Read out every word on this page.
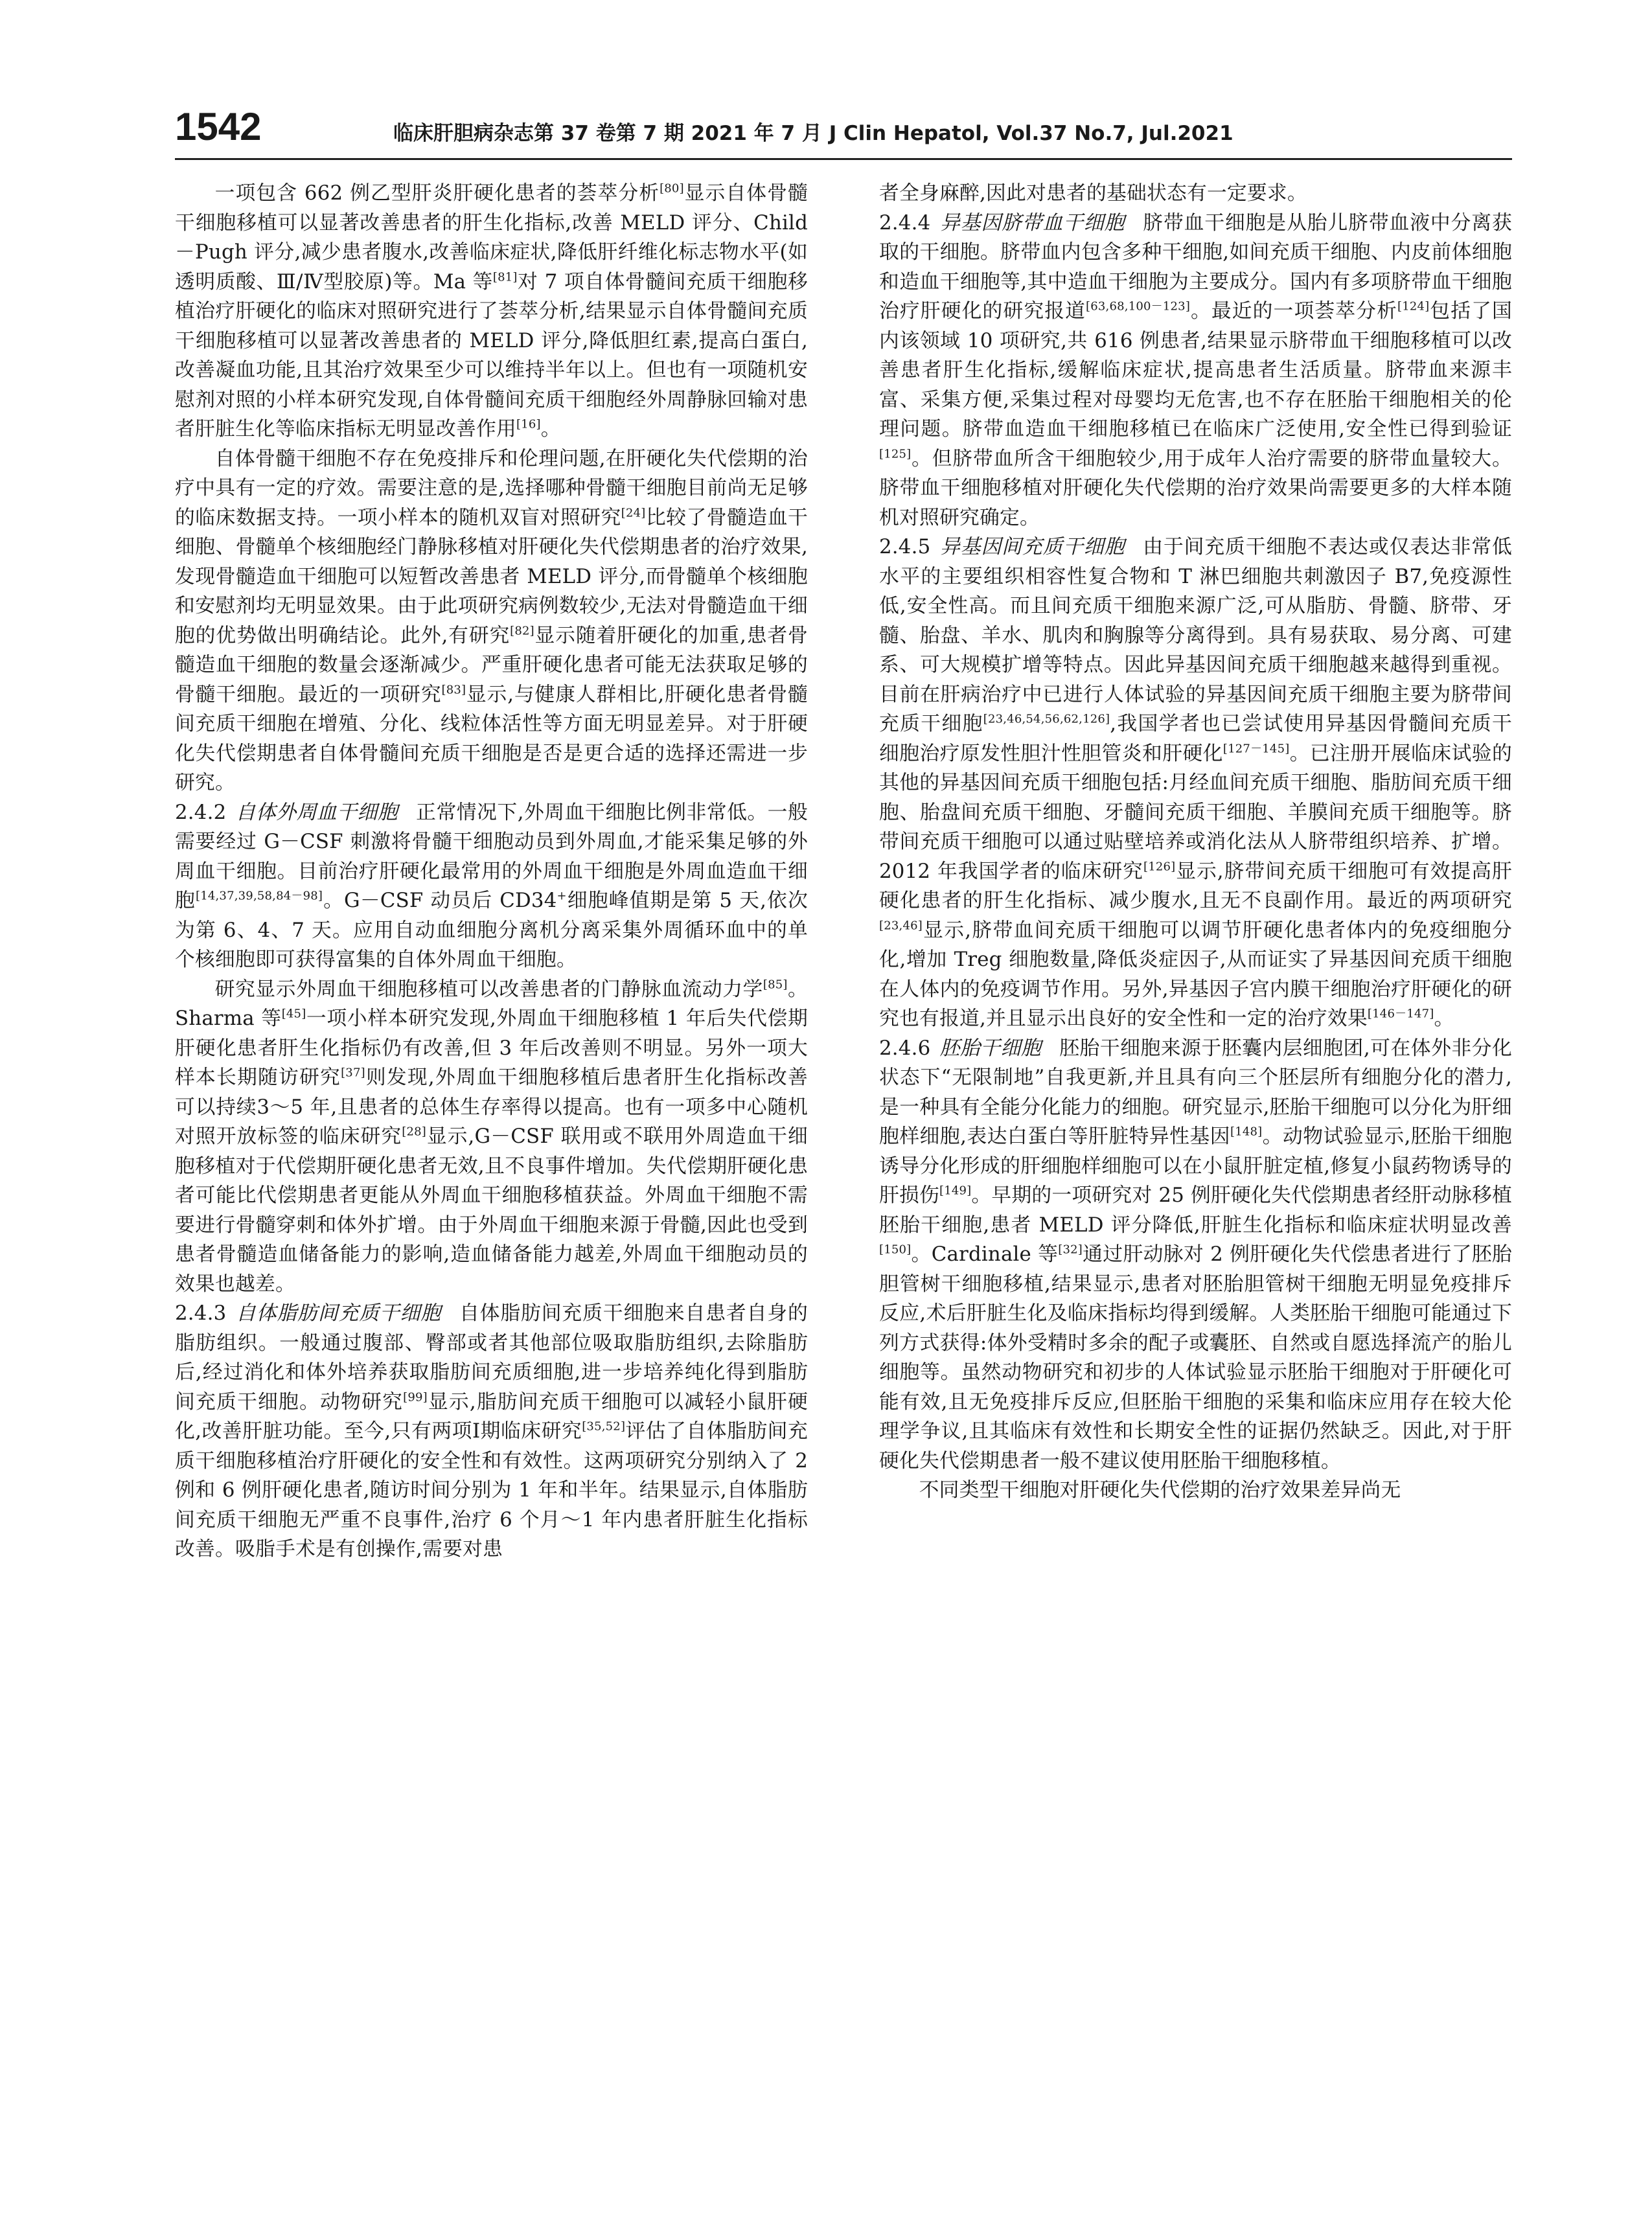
1542	临床肝胆病杂志第 37 卷第 7 期 2021 年 7 月 J Clin Hepatol, Vol.37 No.7, Jul.2021

一项包含 662 例乙型肝炎肝硬化患者的荟萃分析[80]显示自体骨髓干细胞移植可以显著改善患者的肝生化指标,改善 MELD 评分、Child－Pugh 评分,减少患者腹水,改善临床症状,降低肝纤维化标志物水平(如透明质酸、Ⅲ/Ⅳ型胶原)等。Ma 等[81]对 7 项自体骨髓间充质干细胞移植治疗肝硬化的临床对照研究进行了荟萃分析,结果显示自体骨髓间充质干细胞移植可以显著改善患者的 MELD 评分,降低胆红素,提高白蛋白,改善凝血功能,且其治疗效果至少可以维持半年以上。但也有一项随机安慰剂对照的小样本研究发现,自体骨髓间充质干细胞经外周静脉回输对患者肝脏生化等临床指标无明显改善作用[16]。

自体骨髓干细胞不存在免疫排斥和伦理问题,在肝硬化失代偿期的治疗中具有一定的疗效。需要注意的是,选择哪种骨髓干细胞目前尚无足够的临床数据支持。一项小样本的随机双盲对照研究[24]比较了骨髓造血干细胞、骨髓单个核细胞经门静脉移植对肝硬化失代偿期患者的治疗效果,发现骨髓造血干细胞可以短暂改善患者 MELD 评分,而骨髓单个核细胞和安慰剂均无明显效果。由于此项研究病例数较少,无法对骨髓造血干细胞的优势做出明确结论。此外,有研究[82]显示随着肝硬化的加重,患者骨髓造血干细胞的数量会逐渐减少。严重肝硬化患者可能无法获取足够的骨髓干细胞。最近的一项研究[83]显示,与健康人群相比,肝硬化患者骨髓间充质干细胞在增殖、分化、线粒体活性等方面无明显差异。对于肝硬化失代偿期患者自体骨髓间充质干细胞是否是更合适的选择还需进一步研究。

2.4.2 自体外周血干细胞 正常情况下,外周血干细胞比例非常低。一般需要经过 G－CSF 刺激将骨髓干细胞动员到外周血,才能采集足够的外周血干细胞。目前治疗肝硬化最常用的外周血干细胞是外周血造血干细胞[14,37,39,58,84－98]。G－CSF 动员后 CD34+细胞峰值期是第 5 天,依次为第 6、4、7 天。应用自动血细胞分离机分离采集外周循环血中的单个核细胞即可获得富集的自体外周血干细胞。

研究显示外周血干细胞移植可以改善患者的门静脉血流动力学[85]。Sharma 等[45]一项小样本研究发现,外周血干细胞移植 1 年后失代偿期肝硬化患者肝生化指标仍有改善,但 3 年后改善则不明显。另外一项大样本长期随访研究[37]则发现,外周血干细胞移植后患者肝生化指标改善可以持续3～5 年,且患者的总体生存率得以提高。也有一项多中心随机对照开放标签的临床研究[28]显示,G－CSF 联用或不联用外周造血干细胞移植对于代偿期肝硬化患者无效,且不良事件增加。失代偿期肝硬化患者可能比代偿期患者更能从外周血干细胞移植获益。外周血干细胞不需要进行骨髓穿刺和体外扩增。由于外周血干细胞来源于骨髓,因此也受到患者骨髓造血储备能力的影响,造血储备能力越差,外周血干细胞动员的效果也越差。

2.4.3 自体脂肪间充质干细胞 自体脂肪间充质干细胞来自患者自身的脂肪组织。一般通过腹部、臀部或者其他部位吸取脂肪组织,去除脂肪后,经过消化和体外培养获取脂肪间充质细胞,进一步培养纯化得到脂肪间充质干细胞。动物研究[99]显示,脂肪间充质干细胞可以减轻小鼠肝硬化,改善肝脏功能。至今,只有两项Ⅰ期临床研究[35,52]评估了自体脂肪间充质干细胞移植治疗肝硬化的安全性和有效性。这两项研究分别纳入了 2 例和 6 例肝硬化患者,随访时间分别为 1 年和半年。结果显示,自体脂肪间充质干细胞无严重不良事件,治疗 6 个月～1 年内患者肝脏生化指标改善。吸脂手术是有创操作,需要对患

者全身麻醉,因此对患者的基础状态有一定要求。

2.4.4 异基因脐带血干细胞 脐带血干细胞是从胎儿脐带血液中分离获取的干细胞。脐带血内包含多种干细胞,如间充质干细胞、内皮前体细胞和造血干细胞等,其中造血干细胞为主要成分。国内有多项脐带血干细胞治疗肝硬化的研究报道[63,68,100－123]。最近的一项荟萃分析[124]包括了国内该领域 10 项研究,共 616 例患者,结果显示脐带血干细胞移植可以改善患者肝生化指标,缓解临床症状,提高患者生活质量。脐带血来源丰富、采集方便,采集过程对母婴均无危害,也不存在胚胎干细胞相关的伦理问题。脐带血造血干细胞移植已在临床广泛使用,安全性已得到验证[125]。但脐带血所含干细胞较少,用于成年人治疗需要的脐带血量较大。脐带血干细胞移植对肝硬化失代偿期的治疗效果尚需要更多的大样本随机对照研究确定。

2.4.5 异基因间充质干细胞 由于间充质干细胞不表达或仅表达非常低水平的主要组织相容性复合物和 T 淋巴细胞共刺激因子 B7,免疫源性低,安全性高。而且间充质干细胞来源广泛,可从脂肪、骨髓、脐带、牙髓、胎盘、羊水、肌肉和胸腺等分离得到。具有易获取、易分离、可建系、可大规模扩增等特点。因此异基因间充质干细胞越来越得到重视。目前在肝病治疗中已进行人体试验的异基因间充质干细胞主要为脐带间充质干细胞[23,46,54,56,62,126],我国学者也已尝试使用异基因骨髓间充质干细胞治疗原发性胆汁性胆管炎和肝硬化[127－145]。已注册开展临床试验的其他的异基因间充质干细胞包括:月经血间充质干细胞、脂肪间充质干细胞、胎盘间充质干细胞、牙髓间充质干细胞、羊膜间充质干细胞等。脐带间充质干细胞可以通过贴壁培养或消化法从人脐带组织培养、扩增。2012 年我国学者的临床研究[126]显示,脐带间充质干细胞可有效提高肝硬化患者的肝生化指标、减少腹水,且无不良副作用。最近的两项研究[23,46]显示,脐带血间充质干细胞可以调节肝硬化患者体内的免疫细胞分化,增加 Treg 细胞数量,降低炎症因子,从而证实了异基因间充质干细胞在人体内的免疫调节作用。另外,异基因子宫内膜干细胞治疗肝硬化的研究也有报道,并且显示出良好的安全性和一定的治疗效果[146－147]。

2.4.6 胚胎干细胞 胚胎干细胞来源于胚囊内层细胞团,可在体外非分化状态下“无限制地”自我更新,并且具有向三个胚层所有细胞分化的潜力,是一种具有全能分化能力的细胞。研究显示,胚胎干细胞可以分化为肝细胞样细胞,表达白蛋白等肝脏特异性基因[148]。动物试验显示,胚胎干细胞诱导分化形成的肝细胞样细胞可以在小鼠肝脏定植,修复小鼠药物诱导的肝损伤[149]。早期的一项研究对 25 例肝硬化失代偿期患者经肝动脉移植胚胎干细胞,患者 MELD 评分降低,肝脏生化指标和临床症状明显改善[150]。Cardinale 等[32]通过肝动脉对 2 例肝硬化失代偿患者进行了胚胎胆管树干细胞移植,结果显示,患者对胚胎胆管树干细胞无明显免疫排斥反应,术后肝脏生化及临床指标均得到缓解。人类胚胎干细胞可能通过下列方式获得:体外受精时多余的配子或囊胚、自然或自愿选择流产的胎儿细胞等。虽然动物研究和初步的人体试验显示胚胎干细胞对于肝硬化可能有效,且无免疫排斥反应,但胚胎干细胞的采集和临床应用存在较大伦理学争议,且其临床有效性和长期安全性的证据仍然缺乏。因此,对于肝硬化失代偿期患者一般不建议使用胚胎干细胞移植。

不同类型干细胞对肝硬化失代偿期的治疗效果差异尚无
